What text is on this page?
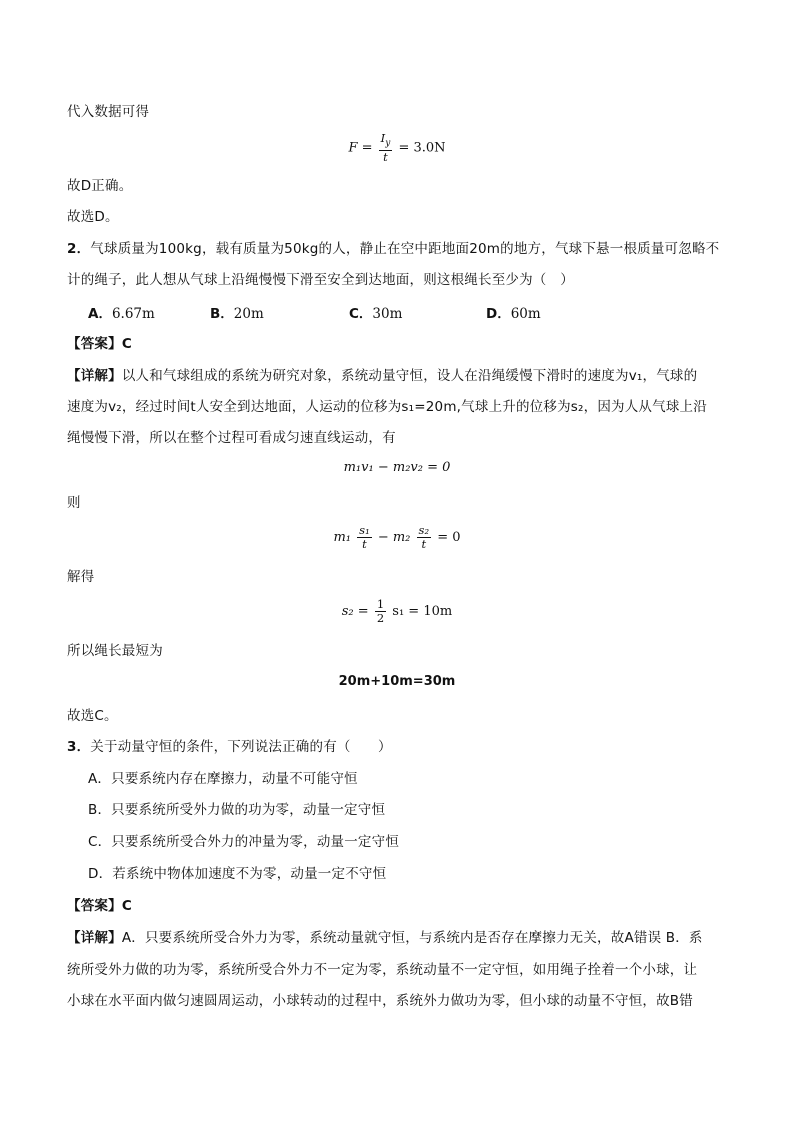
代入数据可得
$F = \frac{I_y}{t} = 3.0N$
故D正确。
故选D。
2．气球质量为100kg，载有质量为50kg的人，静止在空中距地面20m的地方，气球下悬一根质量可忽略不
计的绳子，此人想从气球上沿绳慢慢下滑至安全到达地面，则这根绳长至少为（　）
A．6.67m	B．20m	C．30m	D．60m
【答案】C
【详解】以人和气球组成的系统为研究对象，系统动量守恒，设人在沿绳缓慢下滑时的速度为v₁，气球的
速度为v₂，经过时间t人安全到达地面，人运动的位移为s₁=20m,气球上升的位移为s₂，因为人从气球上沿
绳慢慢下滑，所以在整个过程可看成匀速直线运动，有
m₁v₁ − m₂v₂ = 0
则
$m_1 \frac{\text{s₁}}{t} - m_2 \frac{\text{s₂}}{t} = 0$
解得
$s_2 = \frac{1}{2} s_1 = 10m$
所以绳长最短为
20m+10m=30m
故选C。
3．关于动量守恒的条件，下列说法正确的有（　　）
A．只要系统内存在摩擦力，动量不可能守恒
B．只要系统所受外力做的功为零，动量一定守恒
C．只要系统所受合外力的冲量为零，动量一定守恒
D．若系统中物体加速度不为零，动量一定不守恒
【答案】C
【详解】A．只要系统所受合外力为零，系统动量就守恒，与系统内是否存在摩擦力无关，故A错误 B．系
统所受外力做的功为零，系统所受合外力不一定为零，系统动量不一定守恒，如用绳子拴着一个小球，让
小球在水平面内做匀速圆周运动，小球转动的过程中，系统外力做功为零，但小球的动量不守恒，故B错
